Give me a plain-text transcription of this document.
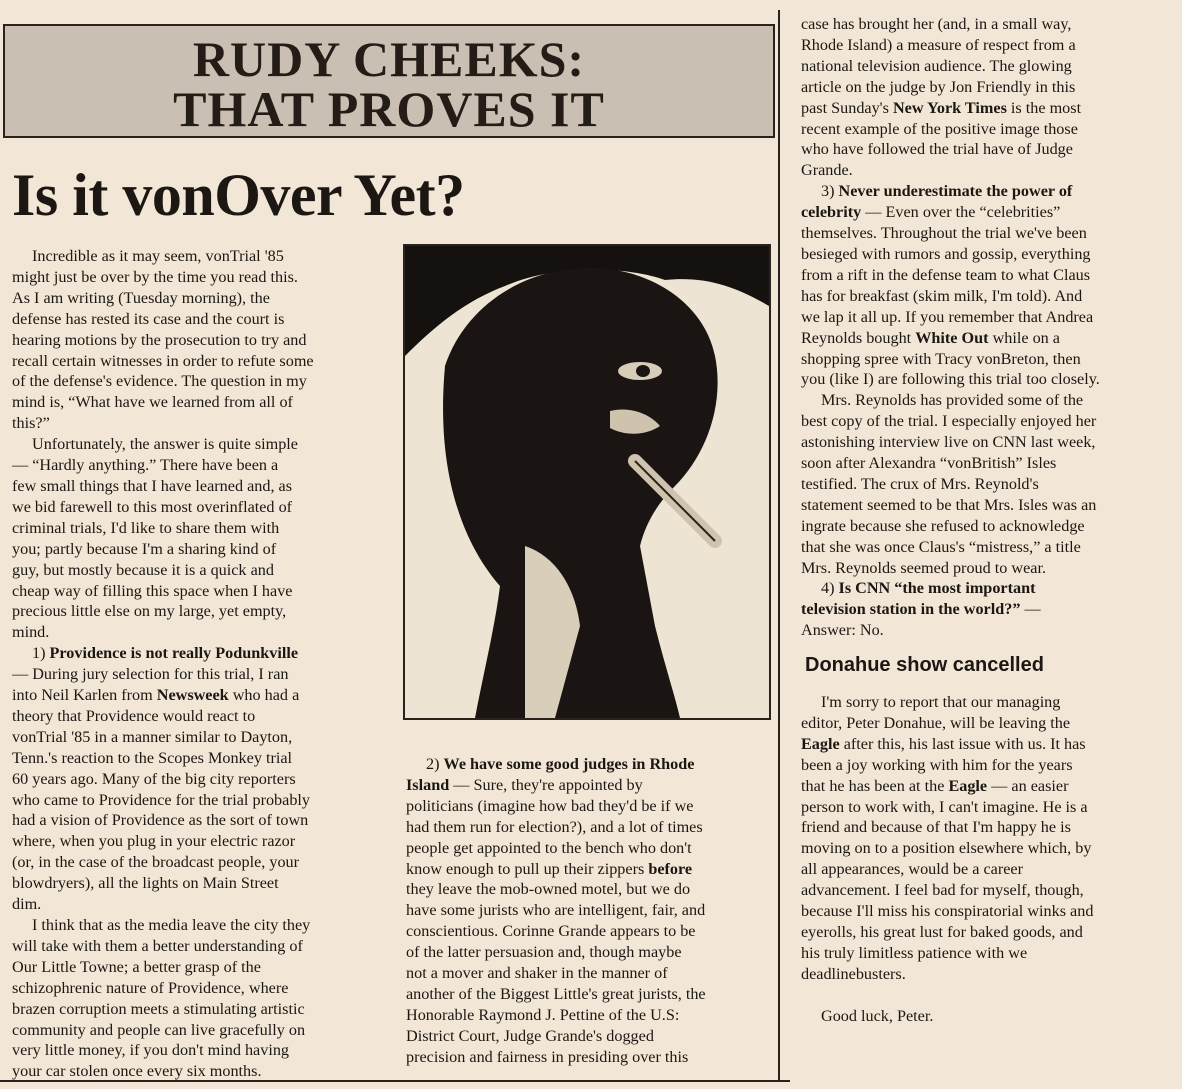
RUDY CHEEKS:
THAT PROVES IT
Is it vonOver Yet?
Incredible as it may seem, vonTrial '85
might just be over by the time you read this.
As I am writing (Tuesday morning), the
defense has rested its case and the court is
hearing motions by the prosecution to try and
recall certain witnesses in order to refute some
of the defense's evidence. The question in my
mind is, “What have we learned from all of
this?”
Unfortunately, the answer is quite simple
— “Hardly anything.” There have been a
few small things that I have learned and, as
we bid farewell to this most overinflated of
criminal trials, I'd like to share them with
you; partly because I'm a sharing kind of
guy, but mostly because it is a quick and
cheap way of filling this space when I have
precious little else on my large, yet empty,
mind.
1) Providence is not really Podunkville
— During jury selection for this trial, I ran
into Neil Karlen from Newsweek who had a
theory that Providence would react to
vonTrial '85 in a manner similar to Dayton,
Tenn.'s reaction to the Scopes Monkey trial
60 years ago. Many of the big city reporters
who came to Providence for the trial probably
had a vision of Providence as the sort of town
where, when you plug in your electric razor
(or, in the case of the broadcast people, your
blowdryers), all the lights on Main Street
dim.
I think that as the media leave the city they
will take with them a better understanding of
Our Little Towne; a better grasp of the
schizophrenic nature of Providence, where
brazen corruption meets a stimulating artistic
community and people can live gracefully on
very little money, if you don't mind having
your car stolen once every six months.
2) We have some good judges in Rhode
Island — Sure, they're appointed by
politicians (imagine how bad they'd be if we
had them run for election?), and a lot of times
people get appointed to the bench who don't
know enough to pull up their zippers before
they leave the mob-owned motel, but we do
have some jurists who are intelligent, fair, and
conscientious. Corinne Grande appears to be
of the latter persuasion and, though maybe
not a mover and shaker in the manner of
another of the Biggest Little's great jurists, the
Honorable Raymond J. Pettine of the U.S:
District Court, Judge Grande's dogged
precision and fairness in presiding over this
case has brought her (and, in a small way,
Rhode Island) a measure of respect from a
national television audience. The glowing
article on the judge by Jon Friendly in this
past Sunday's New York Times is the most
recent example of the positive image those
who have followed the trial have of Judge
Grande.
3) Never underestimate the power of
celebrity — Even over the “celebrities”
themselves. Throughout the trial we've been
besieged with rumors and gossip, everything
from a rift in the defense team to what Claus
has for breakfast (skim milk, I'm told). And
we lap it all up. If you remember that Andrea
Reynolds bought White Out while on a
shopping spree with Tracy vonBreton, then
you (like I) are following this trial too closely.
Mrs. Reynolds has provided some of the
best copy of the trial. I especially enjoyed her
astonishing interview live on CNN last week,
soon after Alexandra “vonBritish” Isles
testified. The crux of Mrs. Reynold's
statement seemed to be that Mrs. Isles was an
ingrate because she refused to acknowledge
that she was once Claus's “mistress,” a title
Mrs. Reynolds seemed proud to wear.
4) Is CNN “the most important
television station in the world?” —
Answer: No.
Donahue show cancelled
I'm sorry to report that our managing
editor, Peter Donahue, will be leaving the
Eagle after this, his last issue with us. It has
been a joy working with him for the years
that he has been at the Eagle — an easier
person to work with, I can't imagine. He is a
friend and because of that I'm happy he is
moving on to a position elsewhere which, by
all appearances, would be a career
advancement. I feel bad for myself, though,
because I'll miss his conspiratorial winks and
eyerolls, his great lust for baked goods, and
his truly limitless patience with we
deadlinebusters.

Good luck, Peter.
